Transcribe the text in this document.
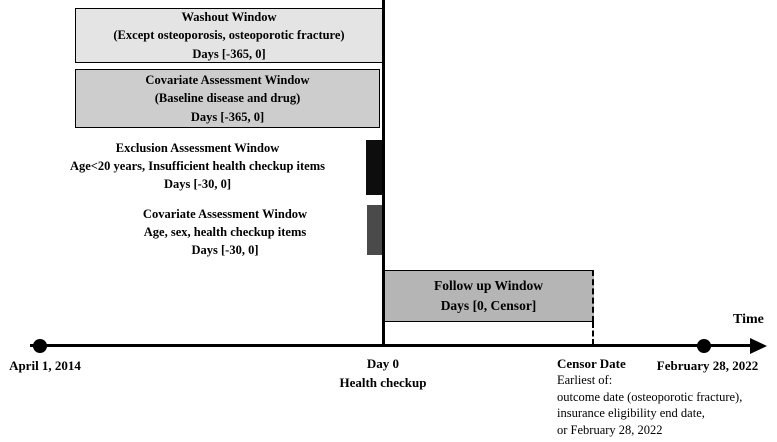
Washout Window
(Except osteoporosis, osteoporotic fracture)
Days [-365, 0]
Covariate Assessment Window
(Baseline disease and drug)
Days [-365, 0]
Exclusion Assessment Window
Age<20 years, Insufficient health checkup items
Days [-30, 0]
Covariate Assessment Window
Age, sex, health checkup items
Days [-30, 0]
Follow up Window
Days [0, Censor]
Time
April 1, 2014	Day 0
Health checkup
February 28, 2022
Censor Date
Earliest of:
outcome date (osteoporotic fracture),
insurance eligibility end date,
or February 28, 2022
